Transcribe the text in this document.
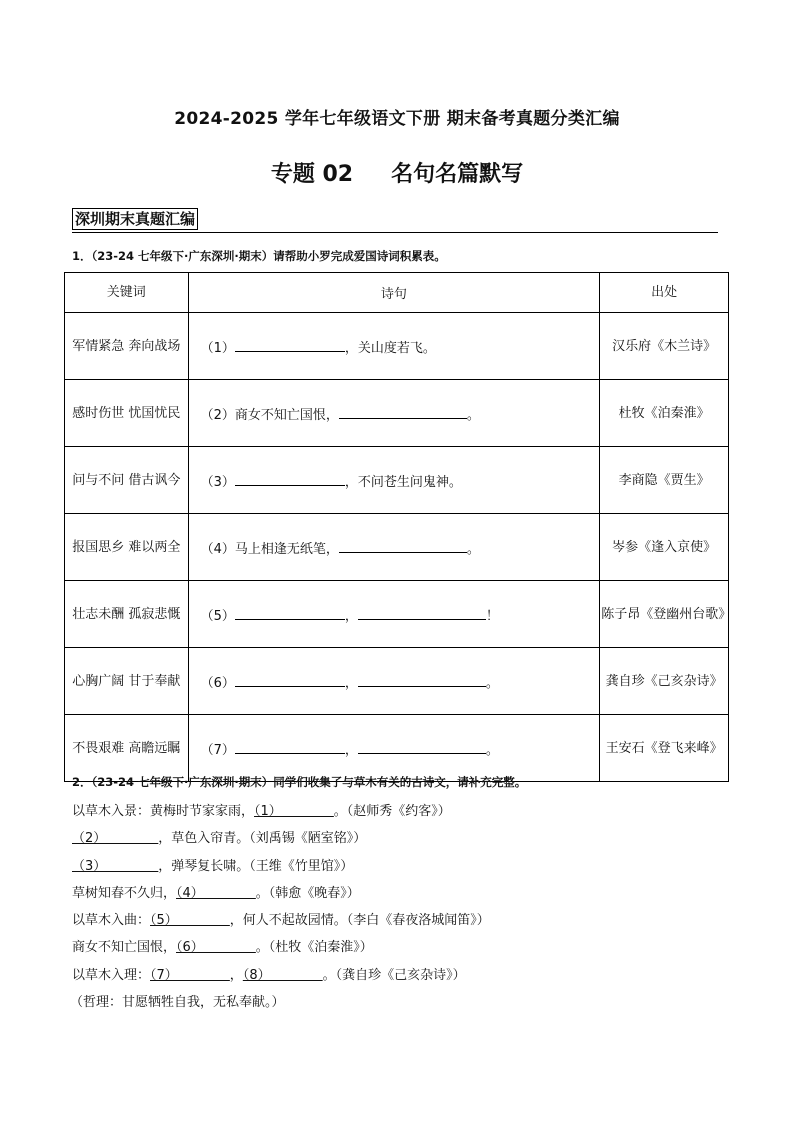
2024-2025 学年七年级语文下册 期末备考真题分类汇编
专题 02 名句名篇默写
深圳期末真题汇编
1．（23-24 七年级下·广东深圳·期末）请帮助小罗完成爱国诗词积累表。
关键词	诗句	出处
军情紧急 奔向战场	（1） ，关山度若飞。	汉乐府《木兰诗》
感时伤世 忧国忧民	（2）商女不知亡国恨， 。	杜牧《泊秦淮》
问与不问 借古讽今	（3） ，不问苍生问鬼神。	李商隐《贾生》
报国思乡 难以两全	（4）马上相逢无纸笔， 。	岑参《逢入京使》
壮志未酬 孤寂悲慨	（5） ， ！	陈子昂《登幽州台歌》
心胸广阔 甘于奉献	（6） ， 。	龚自珍《己亥杂诗》
不畏艰难 高瞻远瞩	（7） ， 。	王安石《登飞来峰》
2．（23-24 七年级下·广东深圳·期末）同学们收集了与草木有关的古诗文，请补充完整。
以草木入景：黄梅时节家家雨，（1）＿＿＿＿。（赵师秀《约客》）
（2）＿＿＿＿，草色入帘青。（刘禹锡《陋室铭》）
（3）＿＿＿＿，弹琴复长啸。（王维《竹里馆》）
草树知春不久归，（4）＿＿＿＿。（韩愈《晚春》）
以草木入曲：（5）＿＿＿＿，何人不起故园情。（李白《春夜洛城闻笛》）
商女不知亡国恨，（6）＿＿＿＿。（杜牧《泊秦淮》）
以草木入理：（7）＿＿＿＿，（8）＿＿＿＿。（龚自珍《己亥杂诗》）
（哲理：甘愿牺牲自我，无私奉献。）
